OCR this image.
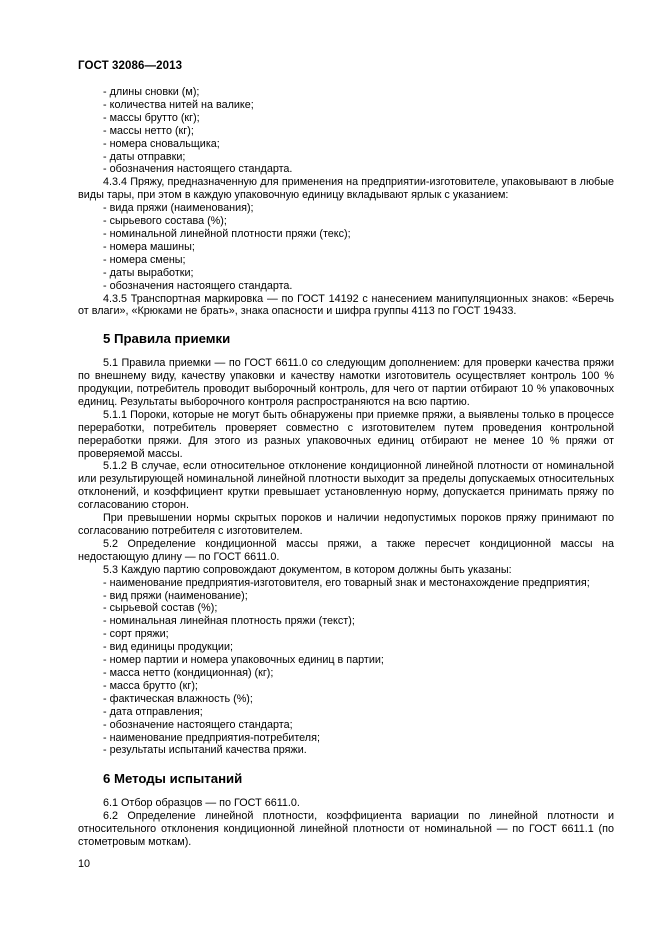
ГОСТ 32086—2013

- длины сновки (м);

- количества нитей на валике;

- массы брутто (кг);

- массы нетто (кг);

- номера сновальщика;

- даты отправки;

- обозначения настоящего стандарта.

4.3.4 Пряжу, предназначенную для применения на предприятии-изготовителе, упаковывают в любые виды тары, при этом в каждую упаковочную единицу вкладывают ярлык с указанием:

- вида пряжи (наименования);

- сырьевого состава (%);

- номинальной линейной плотности пряжи (текс);

- номера машины;

- номера смены;

- даты выработки;

- обозначения настоящего стандарта.

4.3.5 Транспортная маркировка — по ГОСТ 14192 с нанесением манипуляционных знаков: «Беречь от влаги», «Крюками не брать», знака опасности и шифра группы 4113 по ГОСТ 19433.

5 Правила приемки

5.1 Правила приемки — по ГОСТ 6611.0 со следующим дополнением: для проверки качества пряжи по внешнему виду, качеству упаковки и качеству намотки изготовитель осуществляет контроль 100 % продукции, потребитель проводит выборочный контроль, для чего от партии отбирают 10 % упаковочных единиц. Результаты выборочного контроля распространяются на всю партию.

5.1.1 Пороки, которые не могут быть обнаружены при приемке пряжи, а выявлены только в процессе переработки, потребитель проверяет совместно с изготовителем путем проведения контрольной переработки пряжи. Для этого из разных упаковочных единиц отбирают не менее 10 % пряжи от проверяемой массы.

5.1.2 В случае, если относительное отклонение кондиционной линейной плотности от номинальной или результирующей номинальной линейной плотности выходит за пределы допускаемых относительных отклонений, и коэффициент крутки превышает установленную норму, допускается принимать пряжу по согласованию сторон.

При превышении нормы скрытых пороков и наличии недопустимых пороков пряжу принимают по согласованию потребителя с изготовителем.

5.2 Определение кондиционной массы пряжи, а также пересчет кондиционной массы на недостающую длину — по ГОСТ 6611.0.

5.3 Каждую партию сопровождают документом, в котором должны быть указаны:

- наименование предприятия-изготовителя, его товарный знак и местонахождение предприятия;

- вид пряжи (наименование);

- сырьевой состав (%);

- номинальная линейная плотность пряжи (текст);

- сорт пряжи;

- вид единицы продукции;

- номер партии и номера упаковочных единиц в партии;

- масса нетто (кондиционная) (кг);

- масса брутто (кг);

- фактическая влажность (%);

- дата отправления;

- обозначение настоящего стандарта;

- наименование предприятия-потребителя;

- результаты испытаний качества пряжи.

6 Методы испытаний

6.1 Отбор образцов — по ГОСТ 6611.0.

6.2 Определение линейной плотности, коэффициента вариации по линейной плотности и относительного отклонения кондиционной линейной плотности от номинальной — по ГОСТ 6611.1 (по стометровым моткам).

10
